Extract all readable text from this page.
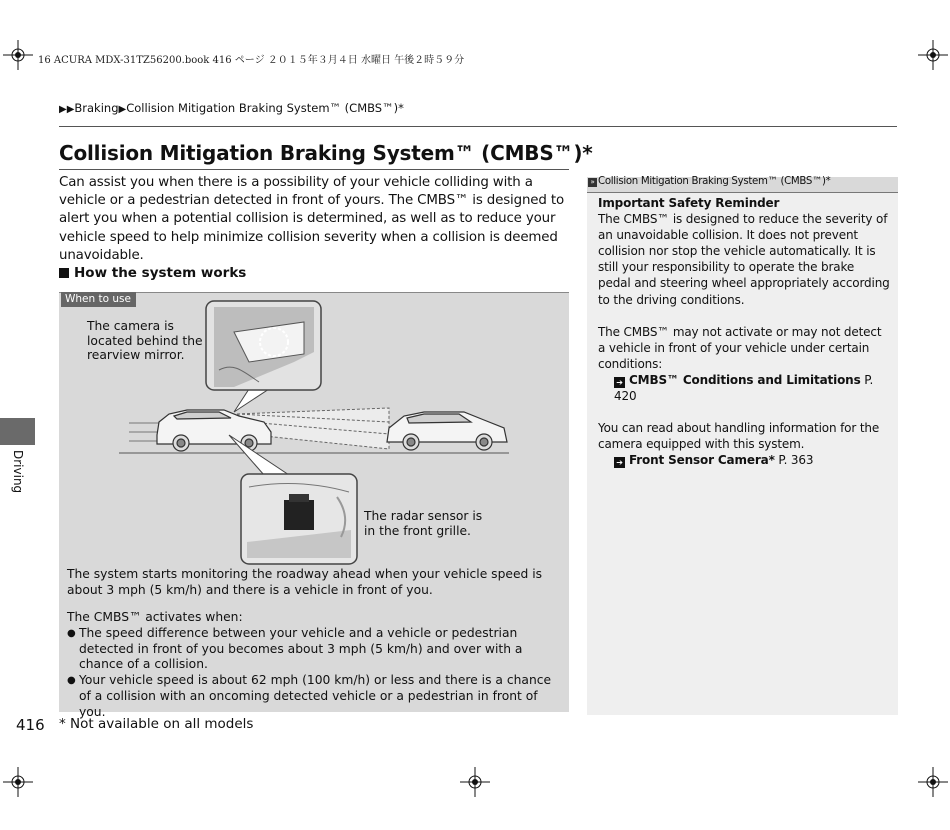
16 ACURA MDX-31TZ56200.book 416 ページ ２０１５年３月４日 水曜日 午後２時５９分
▶▶Braking▶Collision Mitigation Braking System™ (CMBS™)*
Collision Mitigation Braking System™ (CMBS™)*
Can assist you when there is a possibility of your vehicle colliding with a vehicle or a pedestrian detected in front of yours. The CMBS™ is designed to alert you when a potential collision is determined, as well as to reduce your vehicle speed to help minimize collision severity when a collision is deemed unavoidable.
How the system works
When to use
The camera is located behind the rearview mirror.
The radar sensor is in the front grille.
The system starts monitoring the roadway ahead when your vehicle speed is about 3 mph (5 km/h) and there is a vehicle in front of you.

The CMBS™ activates when:

● The speed difference between your vehicle and a vehicle or pedestrian detected in front of you becomes about 3 mph (5 km/h) and over with a chance of a collision.

● Your vehicle speed is about 62 mph (100 km/h) or less and there is a chance of a collision with an oncoming detected vehicle or a pedestrian in front of you.

» Collision Mitigation Braking System™ (CMBS™)*

Important Safety Reminder

The CMBS™ is designed to reduce the severity of an unavoidable collision. It does not prevent collision nor stop the vehicle automatically. It is still your responsibility to operate the brake pedal and steering wheel appropriately according to the driving conditions.

The CMBS™ may not activate or may not detect a vehicle in front of your vehicle under certain conditions:

➔ CMBS™ Conditions and Limitations P. 420

You can read about handling information for the camera equipped with this system.

➔ Front Sensor Camera* P. 363

Driving
416 * Not available on all models
